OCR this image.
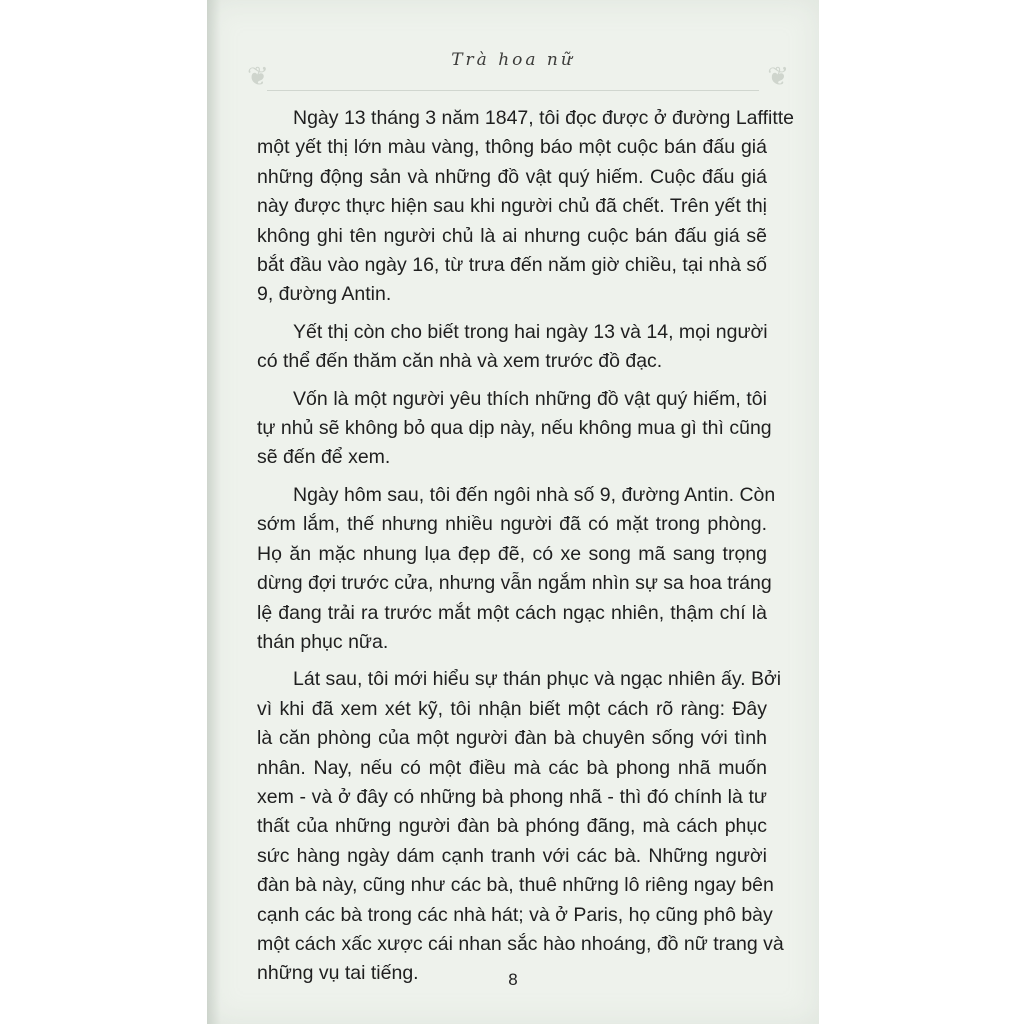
❦	❦
Trà hoa nữ

Ngày 13 tháng 3 năm 1847, tôi đọc được ở đường Laffitte
một yết thị lớn màu vàng, thông báo một cuộc bán đấu giá
những động sản và những đồ vật quý hiếm. Cuộc đấu giá
này được thực hiện sau khi người chủ đã chết. Trên yết thị
không ghi tên người chủ là ai nhưng cuộc bán đấu giá sẽ
bắt đầu vào ngày 16, từ trưa đến năm giờ chiều, tại nhà số
9, đường Antin.

Yết thị còn cho biết trong hai ngày 13 và 14, mọi người
có thể đến thăm căn nhà và xem trước đồ đạc.

Vốn là một người yêu thích những đồ vật quý hiếm, tôi
tự nhủ sẽ không bỏ qua dịp này, nếu không mua gì thì cũng
sẽ đến để xem.

Ngày hôm sau, tôi đến ngôi nhà số 9, đường Antin. Còn
sớm lắm, thế nhưng nhiều người đã có mặt trong phòng.
Họ ăn mặc nhung lụa đẹp đẽ, có xe song mã sang trọng
dừng đợi trước cửa, nhưng vẫn ngắm nhìn sự sa hoa tráng
lệ đang trải ra trước mắt một cách ngạc nhiên, thậm chí là
thán phục nữa.

Lát sau, tôi mới hiểu sự thán phục và ngạc nhiên ấy. Bởi
vì khi đã xem xét kỹ, tôi nhận biết một cách rõ ràng: Đây
là căn phòng của một người đàn bà chuyên sống với tình
nhân. Nay, nếu có một điều mà các bà phong nhã muốn
xem - và ở đây có những bà phong nhã - thì đó chính là tư
thất của những người đàn bà phóng đãng, mà cách phục
sức hàng ngày dám cạnh tranh với các bà. Những người
đàn bà này, cũng như các bà, thuê những lô riêng ngay bên
cạnh các bà trong các nhà hát; và ở Paris, họ cũng phô bày
một cách xấc xược cái nhan sắc hào nhoáng, đồ nữ trang và
những vụ tai tiếng.	8
